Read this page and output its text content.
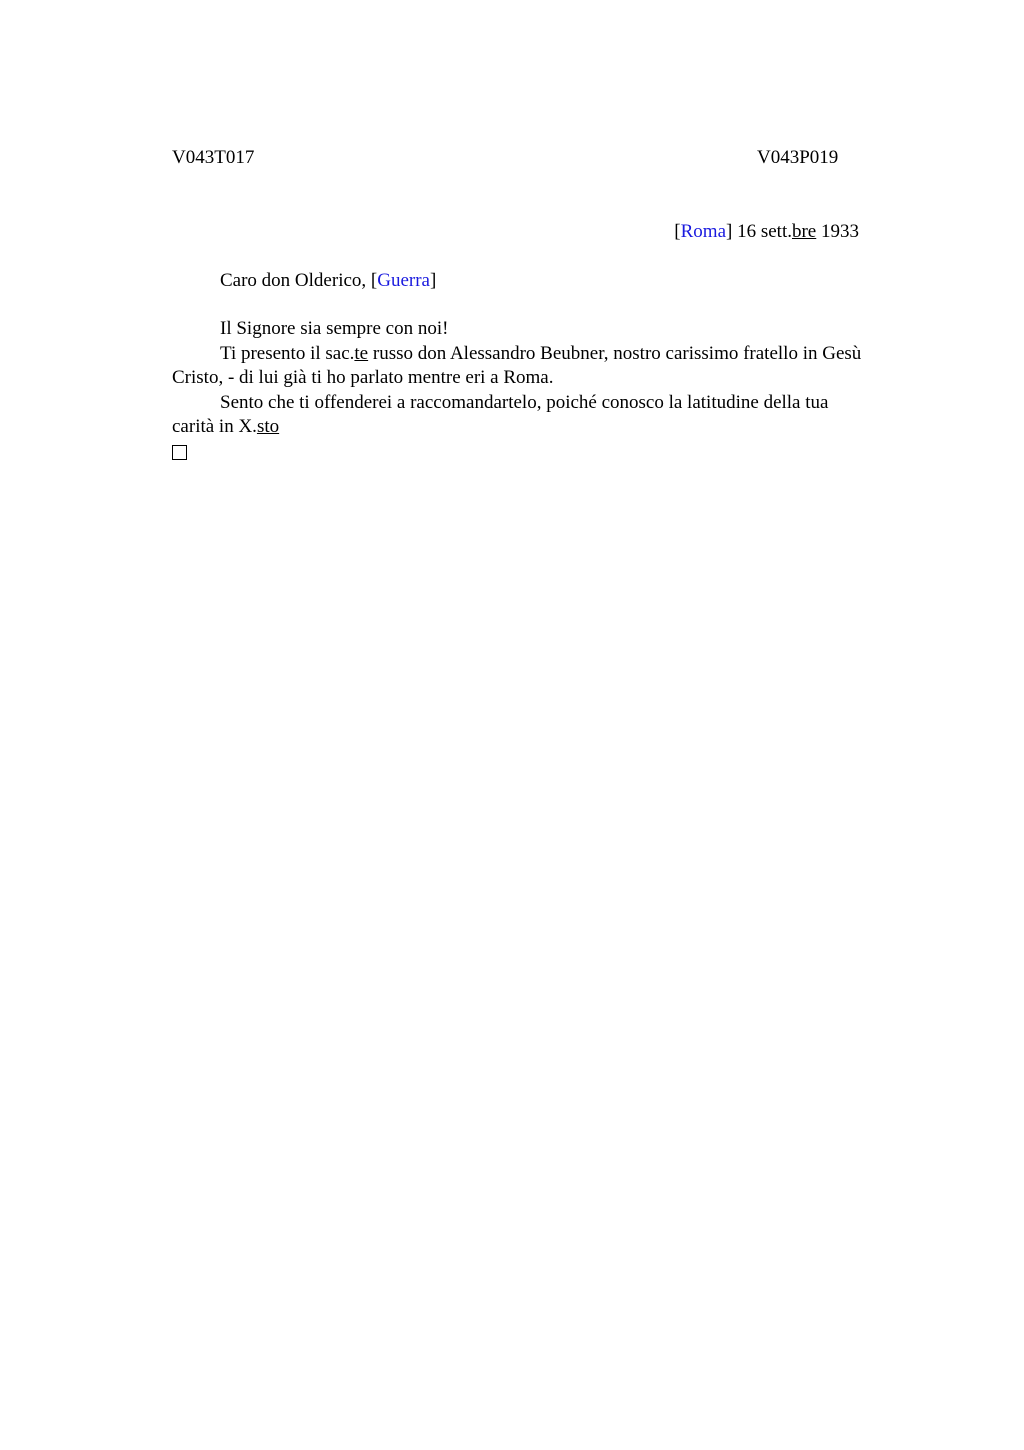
V043T017	V043P019
[Roma] 16 sett.bre 1933
Caro don Olderico, [Guerra]

Il Signore sia sempre con noi!

Ti presento il sac.te russo don Alessandro Beubner, nostro carissimo fratello in Gesù Cristo, - di lui già ti ho parlato mentre eri a Roma.

Sento che ti offenderei a raccomandartelo, poiché conosco la latitudine della tua carità in X.sto
